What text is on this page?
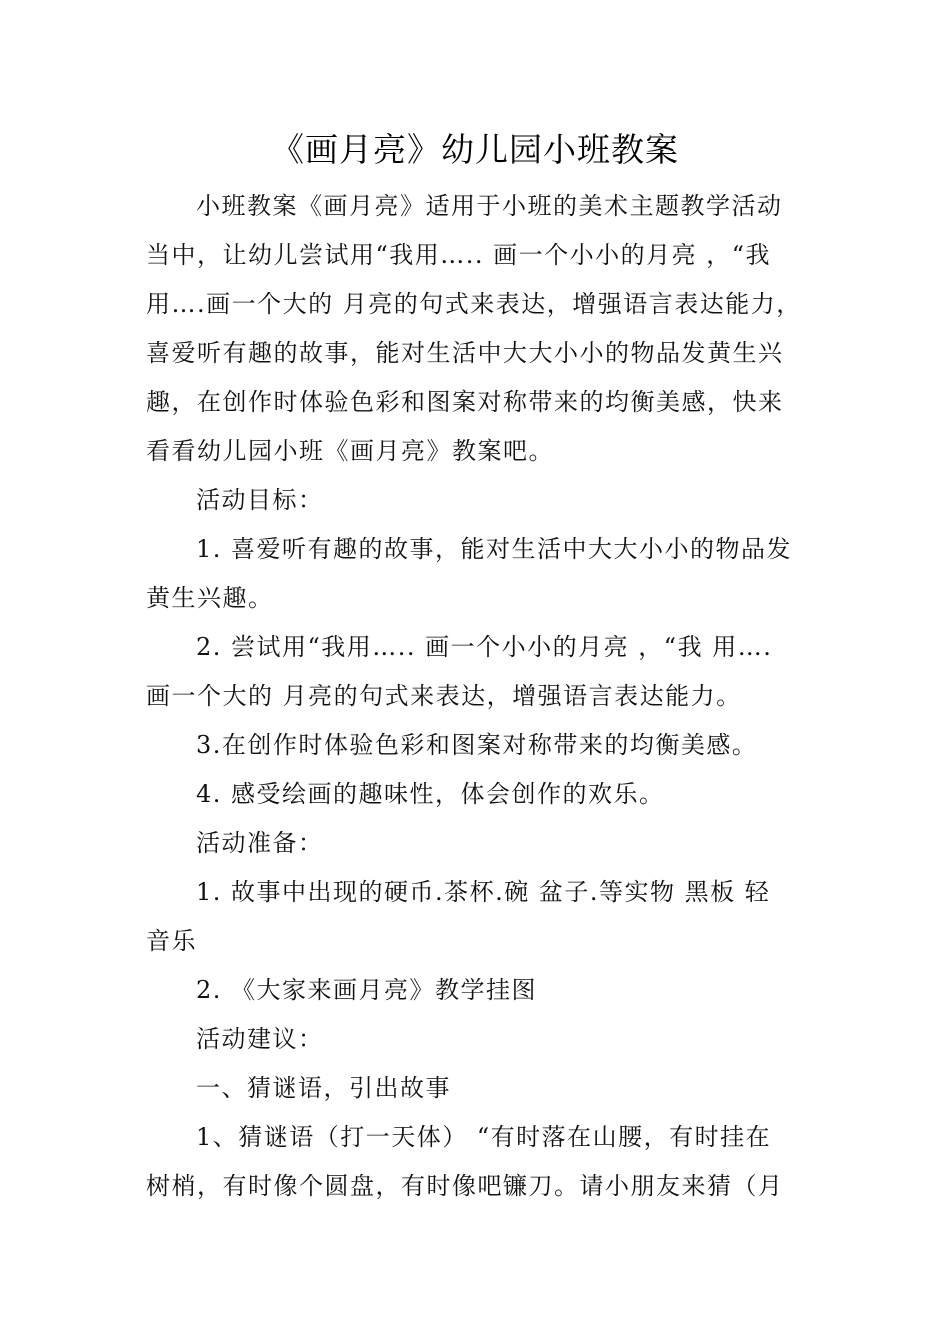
《画月亮》幼儿园小班教案
小班教案《画月亮》适用于小班的美术主题教学活动
当中，让幼儿尝试用“我用….. 画一个小小的月亮 ，“我
用….画一个大的 月亮的句式来表达，增强语言表达能力，
喜爱听有趣的故事，能对生活中大大小小的物品发黄生兴
趣，在创作时体验色彩和图案对称带来的均衡美感，快来
看看幼儿园小班《画月亮》教案吧。
活动目标：
1. 喜爱听有趣的故事，能对生活中大大小小的物品发
黄生兴趣。
2. 尝试用“我用….. 画一个小小的月亮 ，“我 用….
画一个大的 月亮的句式来表达，增强语言表达能力。
3.在创作时体验色彩和图案对称带来的均衡美感。
4. 感受绘画的趣味性，体会创作的欢乐。
活动准备：
1. 故事中出现的硬币.茶杯.碗 盆子.等实物 黑板 轻
音乐
2. 《大家来画月亮》教学挂图
活动建议：
一、猜谜语，引出故事
1、猜谜语（打一天体） “有时落在山腰，有时挂在
树梢，有时像个圆盘，有时像吧镰刀。请小朋友来猜（月
